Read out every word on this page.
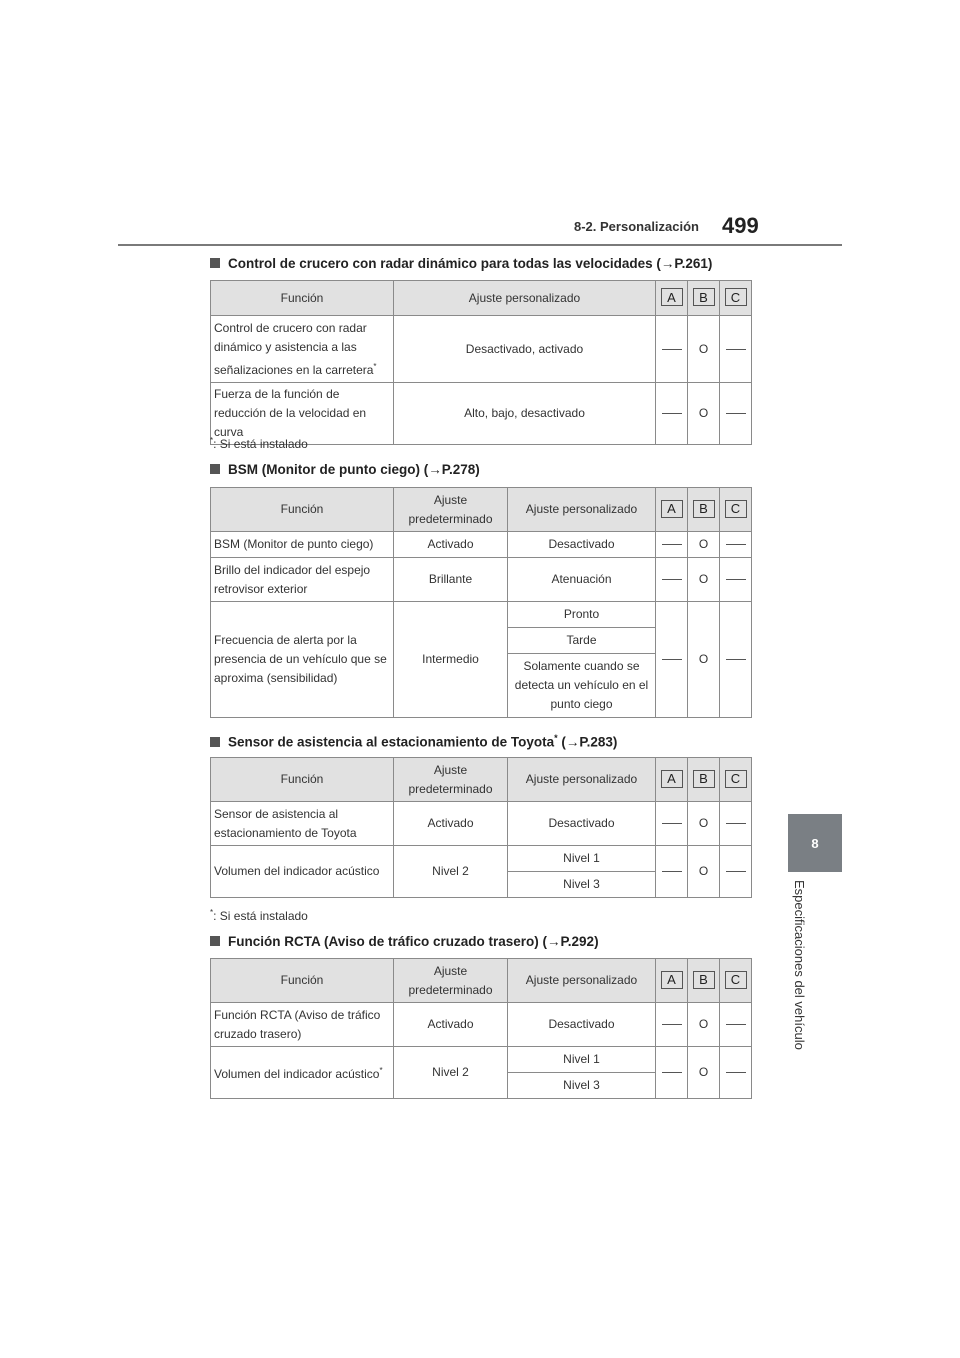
8-2. Personalización 499
8
Especificaciones del vehículo
Control de crucero con radar dinámico para todas las velocidades (→P.261)
Función	Ajuste personalizado	A	B	C
Control de crucero con radar dinámico y asistencia a las señalizaciones en la carretera*	Desactivado, activado		O	
Fuerza de la función de reducción de la velocidad en curva	Alto, bajo, desactivado		O	
*: Si está instalado
BSM (Monitor de punto ciego) (→P.278)
Función	Ajuste predeterminado	Ajuste personalizado	A	B	C
BSM (Monitor de punto ciego)	Activado	Desactivado		O	
Brillo del indicador del espejo retrovisor exterior	Brillante	Atenuación		O	
Frecuencia de alerta por la presencia de un vehículo que se aproxima (sensibilidad)	Intermedio	Pronto		O	
		Tarde			
		Solamente cuando se detecta un vehículo en el punto ciego			
Sensor de asistencia al estacionamiento de Toyota* (→P.283)
Función	Ajuste predeterminado	Ajuste personalizado	A	B	C
Sensor de asistencia al estacionamiento de Toyota	Activado	Desactivado		O	
Volumen del indicador acústico	Nivel 2	Nivel 1		O	
		Nivel 3			
*: Si está instalado
Función RCTA (Aviso de tráfico cruzado trasero) (→P.292)
Función	Ajuste predeterminado	Ajuste personalizado	A	B	C
Función RCTA (Aviso de tráfico cruzado trasero)	Activado	Desactivado		O	
Volumen del indicador acústico*	Nivel 2	Nivel 1		O	
		Nivel 3			
